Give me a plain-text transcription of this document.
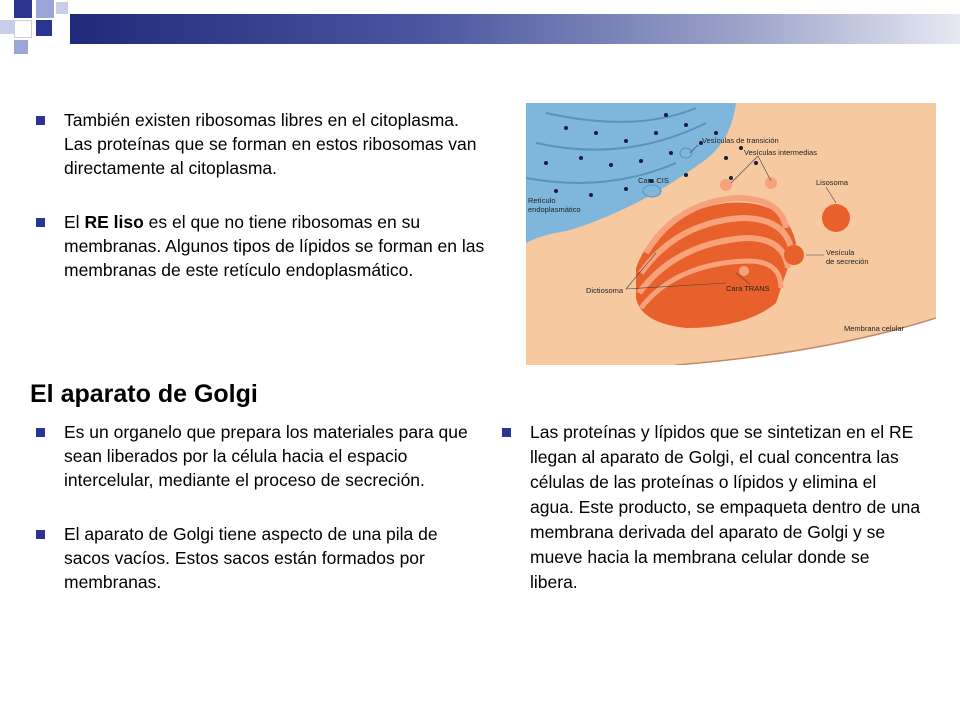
También existen ribosomas libres en el citoplasma. Las proteínas que se forman en estos ribosomas van directamente al citoplasma.
El RE liso es el que no tiene ribosomas en su membranas. Algunos tipos de lípidos se forman en las membranas de este retículo endoplasmático.
Vesículas de transición
Vesículas intermedias
Cara CIS	Lisosoma
Retículo
endoplasmático
Vesícula
de secreción
Dictiosoma	Cara TRANS
Membrana celular
El aparato de Golgi
Es un organelo que prepara los materiales para que sean liberados por la célula hacia el espacio intercelular, mediante el proceso de secreción.
El aparato de Golgi tiene aspecto de una pila de sacos vacíos. Estos sacos están formados por membranas.
Las proteínas y lípidos que se sintetizan en el RE llegan al aparato de Golgi, el cual concentra las células de las proteínas o lípidos y elimina el agua. Este producto, se empaqueta dentro de una membrana derivada del aparato de Golgi y se mueve hacia la membrana celular donde se libera.
